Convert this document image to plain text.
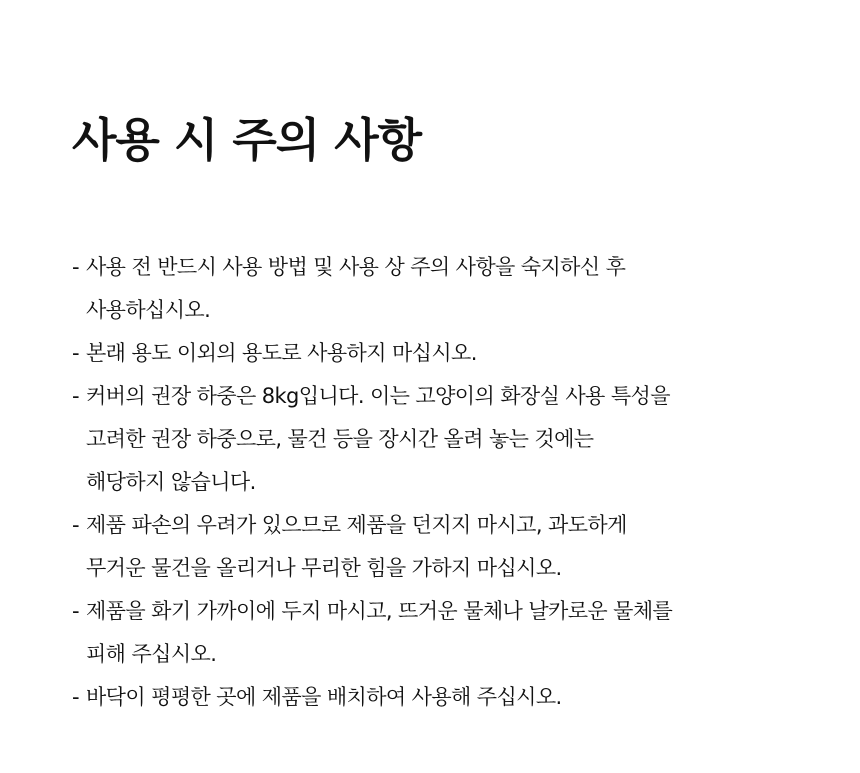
사용 시 주의 사항
- 사용 전 반드시 사용 방법 및 사용 상 주의 사항을 숙지하신 후
사용하십시오.
- 본래 용도 이외의 용도로 사용하지 마십시오.
- 커버의 권장 하중은 8kg입니다. 이는 고양이의 화장실 사용 특성을
고려한 권장 하중으로, 물건 등을 장시간 올려 놓는 것에는
해당하지 않습니다.
- 제품 파손의 우려가 있으므로 제품을 던지지 마시고, 과도하게
무거운 물건을 올리거나 무리한 힘을 가하지 마십시오.
- 제품을 화기 가까이에 두지 마시고, 뜨거운 물체나 날카로운 물체를
피해 주십시오.
- 바닥이 평평한 곳에 제품을 배치하여 사용해 주십시오.
